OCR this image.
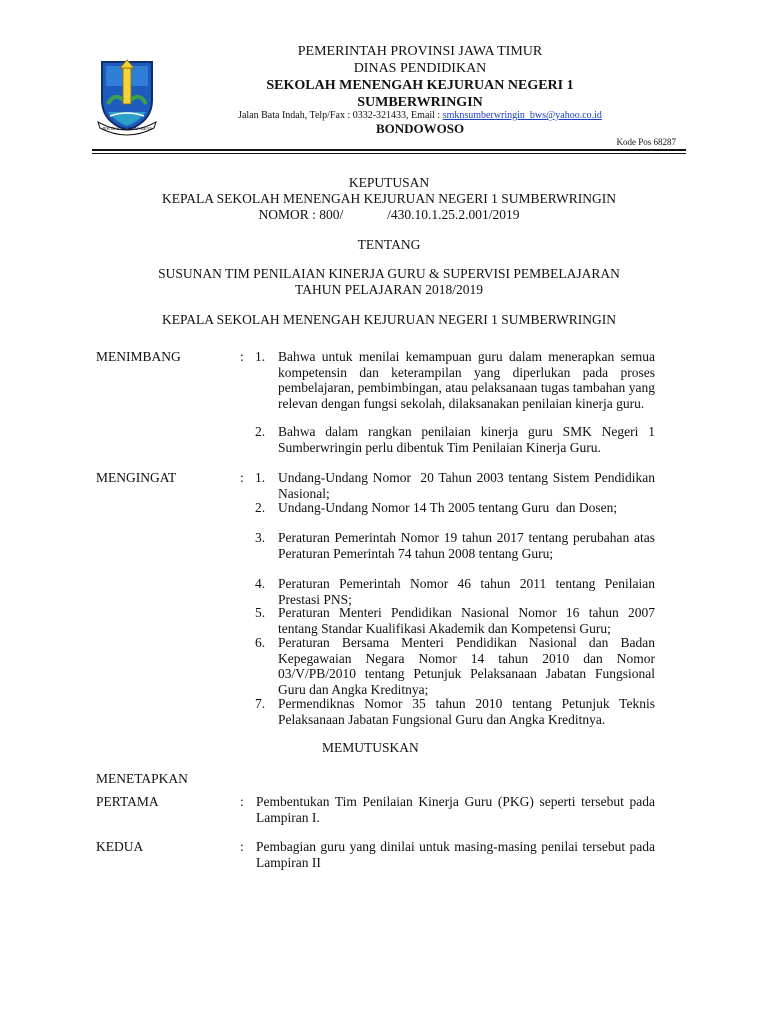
JER BASUKI MAWA BEYA
PEMERINTAH PROVINSI JAWA TIMUR
DINAS PENDIDIKAN
SEKOLAH MENENGAH KEJURUAN NEGERI 1
SUMBERWRINGIN
Jalan Bata Indah, Telp/Fax : 0332-321433, Email : smknsumberwringin_bws@yahoo.co.id
BONDOWOSO
Kode Pos 68287
KEPUTUSAN
KEPALA SEKOLAH MENENGAH KEJURUAN NEGERI 1 SUMBERWRINGIN
NOMOR : 800/             /430.10.1.25.2.001/2019
TENTANG
SUSUNAN TIM PENILAIAN KINERJA GURU & SUPERVISI PEMBELAJARAN
TAHUN PELAJARAN 2018/2019
KEPALA SEKOLAH MENENGAH KEJURUAN NEGERI 1 SUMBERWRINGIN
MENIMBANG	: 1. Bahwa untuk menilai kemampuan guru dalam menerapkan semua kompetensin dan keterampilan yang diperlukan pada proses pembelajaran, pembimbingan, atau pelaksanaan tugas tambahan yang relevan dengan fungsi sekolah, dilaksanakan penilaian kinerja guru.
2. Bahwa dalam rangkan penilaian kinerja guru SMK Negeri 1 Sumberwringin perlu dibentuk Tim Penilaian Kinerja Guru.
MENGINGAT	: 1. Undang-Undang Nomor  20 Tahun 2003 tentang Sistem Pendidikan Nasional;
2. Undang-Undang Nomor 14 Th 2005 tentang Guru  dan Dosen;
3. Peraturan Pemerintah Nomor 19 tahun 2017 tentang perubahan atas Peraturan Pemerintah 74 tahun 2008 tentang Guru;
4. Peraturan Pemerintah Nomor 46 tahun 2011 tentang Penilaian Prestasi PNS;
5. Peraturan Menteri Pendidikan Nasional Nomor 16 tahun 2007 tentang Standar Kualifikasi Akademik dan Kompetensi Guru;
6. Peraturan Bersama Menteri Pendidikan Nasional dan Badan Kepegawaian Negara Nomor 14 tahun 2010 dan Nomor 03/V/PB/2010 tentang Petunjuk Pelaksanaan Jabatan Fungsional Guru dan Angka Kreditnya;
7. Permendiknas Nomor 35 tahun 2010 tentang Petunjuk Teknis Pelaksanaan Jabatan Fungsional Guru dan Angka Kreditnya.
MEMUTUSKAN
MENETAPKAN
PERTAMA	: Pembentukan Tim Penilaian Kinerja Guru (PKG) seperti tersebut pada Lampiran I.
KEDUA	: Pembagian guru yang dinilai untuk masing-masing penilai tersebut pada Lampiran II
